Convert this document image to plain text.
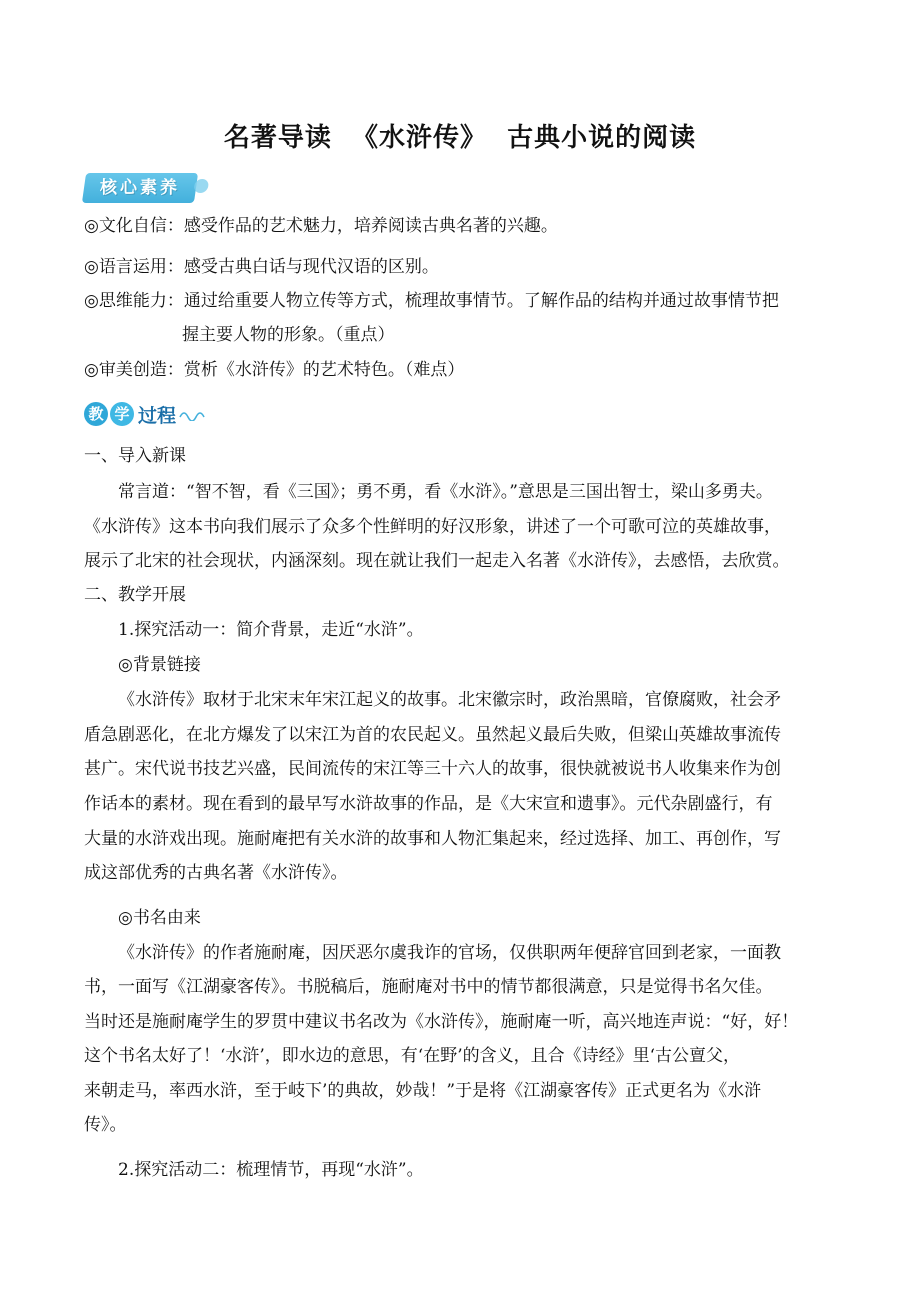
名著导读  《水浒传》  古典小说的阅读
核心素养
◎文化自信：感受作品的艺术魅力，培养阅读古典名著的兴趣。
◎语言运用：感受古典白话与现代汉语的区别。
◎思维能力：通过给重要人物立传等方式，梳理故事情节。了解作品的结构并通过故事情节把
握主要人物的形象。（重点）
◎审美创造：赏析《水浒传》的艺术特色。（难点）
教 学 过程
一、导入新课
常言道：“智不智，看《三国》；勇不勇，看《水浒》。”意思是三国出智士，梁山多勇夫。
《水浒传》这本书向我们展示了众多个性鲜明的好汉形象，讲述了一个可歌可泣的英雄故事，
展示了北宋的社会现状，内涵深刻。现在就让我们一起走入名著《水浒传》，去感悟，去欣赏。
二、教学开展
1.探究活动一：简介背景，走近“水浒”。
◎背景链接
《水浒传》取材于北宋末年宋江起义的故事。北宋徽宗时，政治黑暗，官僚腐败，社会矛
盾急剧恶化，在北方爆发了以宋江为首的农民起义。虽然起义最后失败，但梁山英雄故事流传
甚广。宋代说书技艺兴盛，民间流传的宋江等三十六人的故事，很快就被说书人收集来作为创
作话本的素材。现在看到的最早写水浒故事的作品，是《大宋宣和遗事》。元代杂剧盛行，有
大量的水浒戏出现。施耐庵把有关水浒的故事和人物汇集起来，经过选择、加工、再创作，写
成这部优秀的古典名著《水浒传》。
◎书名由来
《水浒传》的作者施耐庵，因厌恶尔虞我诈的官场，仅供职两年便辞官回到老家，一面教
书，一面写《江湖豪客传》。书脱稿后，施耐庵对书中的情节都很满意，只是觉得书名欠佳。
当时还是施耐庵学生的罗贯中建议书名改为《水浒传》，施耐庵一听，高兴地连声说：“好，好！
这个书名太好了！‘水浒’，即水边的意思，有‘在野’的含义，且合《诗经》里‘古公亶父，
来朝走马，率西水浒，至于岐下’的典故，妙哉！”于是将《江湖豪客传》正式更名为《水浒
传》。
2.探究活动二：梳理情节，再现“水浒”。
